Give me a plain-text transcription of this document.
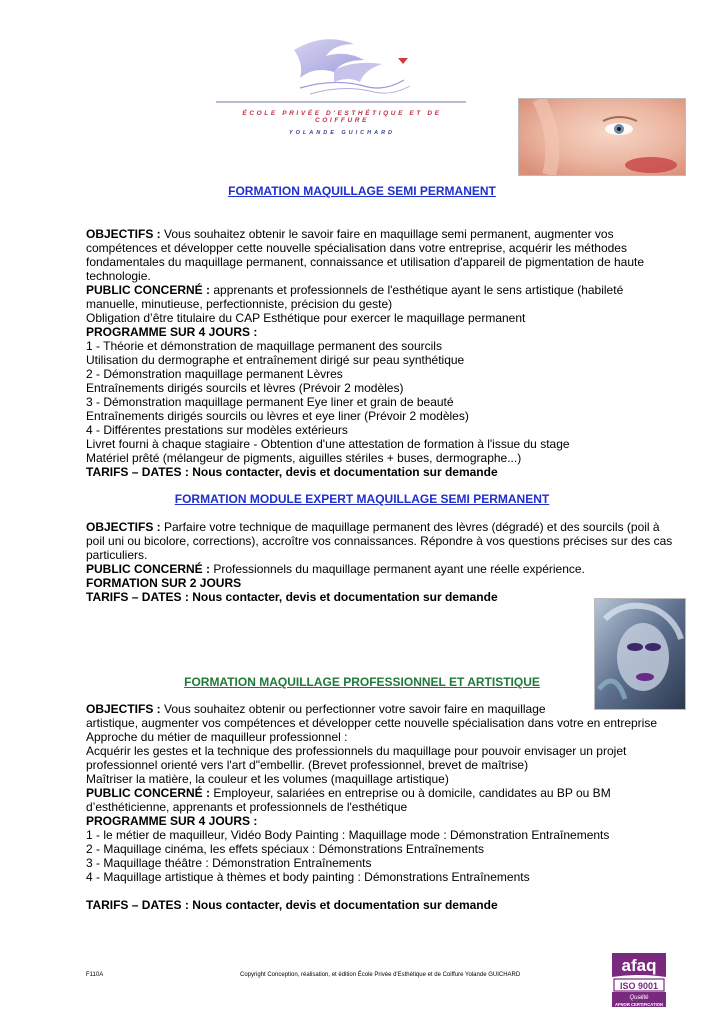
ÉCOLE PRIVÉE D'ESTHÉTIQUE ET DE COIFFURE
YOLANDE GUICHARD
FORMATION MAQUILLAGE SEMI PERMANENT

OBJECTIFS : Vous souhaitez obtenir le savoir faire en maquillage semi permanent, augmenter vos compétences et développer cette nouvelle spécialisation dans votre entreprise, acquérir les méthodes fondamentales du maquillage permanent, connaissance et utilisation d'appareil de pigmentation de haute technologie.

PUBLIC CONCERNÉ : apprenants et professionnels de l'esthétique ayant le sens artistique (habileté manuelle, minutieuse, perfectionniste, précision du geste)

Obligation d’être titulaire du CAP Esthétique pour exercer le maquillage permanent

PROGRAMME SUR 4 JOURS :

1 - Théorie et démonstration de maquillage permanent des sourcils

Utilisation du dermographe et entraînement dirigé sur peau synthétique

2 - Démonstration maquillage permanent Lèvres

Entraînements dirigés sourcils et lèvres (Prévoir 2 modèles)

3 - Démonstration maquillage permanent Eye liner et grain de beauté

Entraînements dirigés sourcils ou lèvres et eye liner (Prévoir 2 modèles)

4 - Différentes prestations sur modèles extérieurs

Livret fourni à chaque stagiaire - Obtention d'une attestation de formation à l'issue du stage

Matériel prêté (mélangeur de pigments, aiguilles stériles + buses, dermographe...)

TARIFS – DATES : Nous contacter, devis et documentation sur demande

FORMATION MODULE EXPERT MAQUILLAGE SEMI PERMANENT

OBJECTIFS : Parfaire votre technique de maquillage permanent des lèvres (dégradé) et des sourcils (poil à poil uni ou bicolore, corrections), accroître vos connaissances. Répondre à vos questions précises sur des cas particuliers.

PUBLIC CONCERNÉ : Professionnels du maquillage permanent ayant une réelle expérience.

FORMATION SUR 2 JOURS

TARIFS – DATES : Nous contacter, devis et documentation sur demande

FORMATION MAQUILLAGE PROFESSIONNEL ET ARTISTIQUE

OBJECTIFS : Vous souhaitez obtenir ou perfectionner votre savoir faire en maquillage

artistique, augmenter vos compétences et développer cette nouvelle spécialisation dans votre en entreprise

Approche du métier de maquilleur professionnel :

Acquérir les gestes et la technique des professionnels du maquillage pour pouvoir envisager un projet professionnel orienté vers l'art d"embellir. (Brevet professionnel, brevet de maîtrise)

Maîtriser la matière, la couleur et les volumes (maquillage artistique)

PUBLIC CONCERNÉ : Employeur, salariées en entreprise ou à domicile, candidates au BP ou BM d’esthéticienne, apprenants et professionnels de l'esthétique

PROGRAMME SUR 4 JOURS :

1 - le métier de maquilleur, Vidéo Body Painting : Maquillage mode : Démonstration Entraînements

2 - Maquillage cinéma, les effets spéciaux : Démonstrations Entraînements

3 - Maquillage théâtre : Démonstration Entraînements

4 - Maquillage artistique à thèmes et body painting : Démonstrations Entraînements

TARIFS – DATES : Nous contacter, devis et documentation sur demande

F110A	Copyright Conception, réalisation, et édition École Privée d'Esthétique et de Coiffure Yolande GUICHARD	afaq
ISO 9001
Qualité
AFNOR CERTIFICATION
